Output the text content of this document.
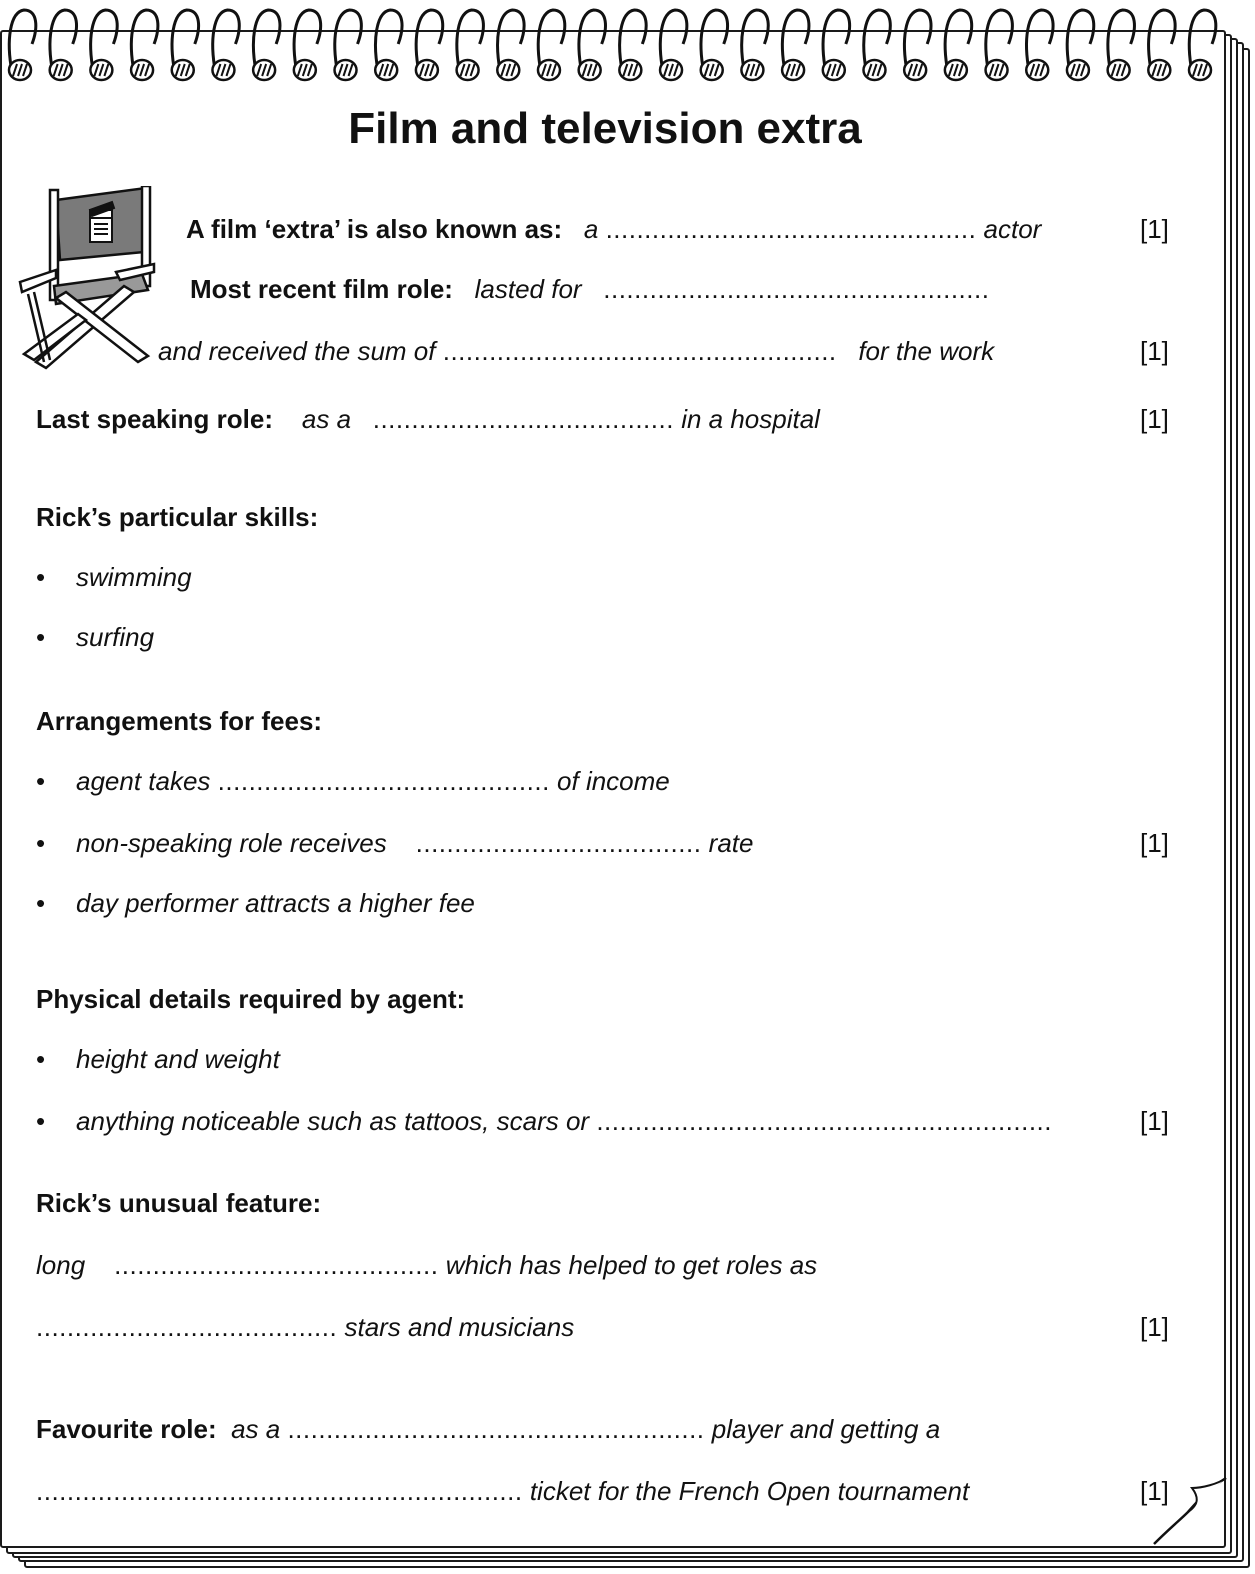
Film and television extra
A film ‘extra’ is also known as: a ................................................ actor	[1]
Most recent film role: lasted for ..................................................
and received the sum of ................................................... for the work	[1]
Last speaking role: as a ....................................... in a hospital	[1]
Rick’s particular skills:
• swimming
• surfing
Arrangements for fees:
• agent takes ........................................... of income
• non-speaking role receives ..................................... rate	[1]
• day performer attracts a higher fee
Physical details required by agent:
• height and weight
• anything noticeable such as tattoos, scars or ...........................................................	[1]
Rick’s unusual feature:
long .......................................... which has helped to get roles as
....................................... stars and musicians	[1]
Favourite role: as a ...................................................... player and getting a
............................................................... ticket for the French Open tournament	[1]
